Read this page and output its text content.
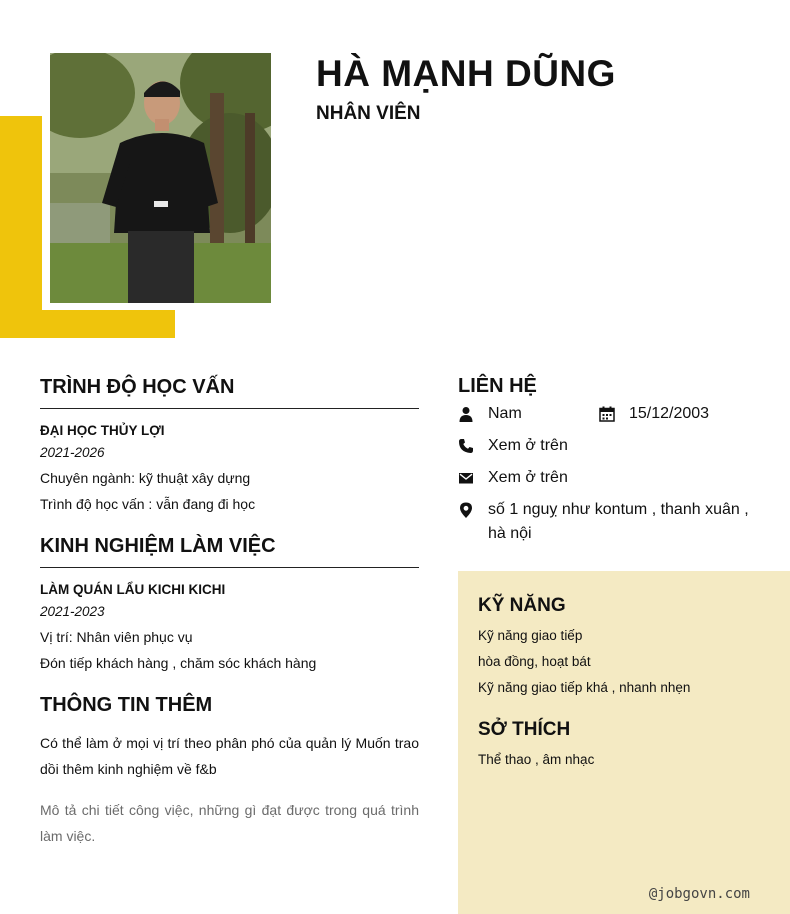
HÀ MẠNH DŨNG
NHÂN VIÊN
TRÌNH ĐỘ HỌC VẤN
ĐẠI HỌC THỦY LỢI
2021-2026
Chuyên ngành: kỹ thuật xây dựng
Trình độ học vấn : vẫn đang đi học
KINH NGHIỆM LÀM VIỆC
LÀM QUÁN LẨU KICHI KICHI
2021-2023
Vị trí: Nhân viên phục vụ
Đón tiếp khách hàng , chăm sóc khách hàng
THÔNG TIN THÊM
Có thể làm ở mọi vị trí theo phân phó của quản lý Muốn trao dồi thêm kinh nghiệm về f&b
Mô tả chi tiết công việc, những gì đạt được trong quá trình làm việc.
LIÊN HỆ
Nam	15/12/2003
Xem ở trên
Xem ở trên
số 1 nguỵ như kontum , thanh xuân , hà nội
KỸ NĂNG
Kỹ năng giao tiếp
hòa đồng, hoạt bát
Kỹ năng giao tiếp khá , nhanh nhẹn
SỞ THÍCH
Thể thao , âm nhạc
@jobgovn.com
